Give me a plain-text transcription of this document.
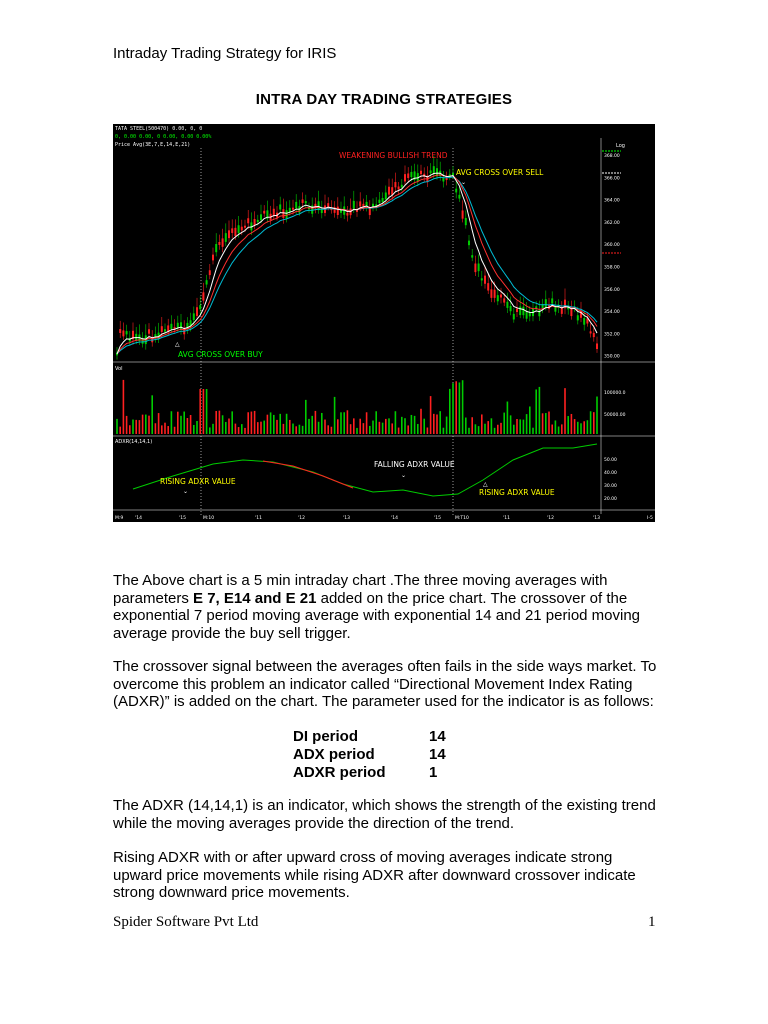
Intraday Trading Strategy for IRIS
INTRA DAY TRADING STRATEGIES
TATA STEEL(500470) 0.00, 0, 0
0, 0.00 0.00, 0 0.00, 0.00 0.00%
Price Avg(3E,7,E,14,E,21)	Log
WEAKENING BULLISH TREND
AVG CROSS OVER SELL
AVG CROSS OVER BUY
FALLING ADXR VALUE
RISING ADXR VALUE
RISING ADXR VALUE
⌄
△
⌄
⌄
△
Vol
ADXR(14,14,1)
368.00
366.00
364.00
362.00
360.00
358.00
356.00
354.00
352.00
350.00
100000.0
50000.00
50.00
40.00
30.00
20.00
M:9	'14	'15	M:10	'11	'12	'13	'14	'15	M:T10	'11	'12	'13	I-5
The Above chart is a 5 min intraday chart .The three moving averages with parameters E 7, E14 and E 21 added on the price chart. The crossover of the exponential 7 period moving average with exponential 14 and 21 period moving average provide the buy sell trigger.
The crossover signal between the averages often fails in the side ways market. To overcome this problem an indicator called “Directional Movement Index Rating (ADXR)” is added on the chart. The parameter used for the indicator is as follows:
DI period	14
ADX period	14
ADXR period	1
The ADXR (14,14,1) is an indicator, which shows the strength of the existing trend while the moving averages provide the direction of the trend.
Rising ADXR with or after upward cross of moving averages indicate strong upward price movements while rising ADXR after downward crossover indicate strong downward price movements.
Spider Software Pvt Ltd	1
